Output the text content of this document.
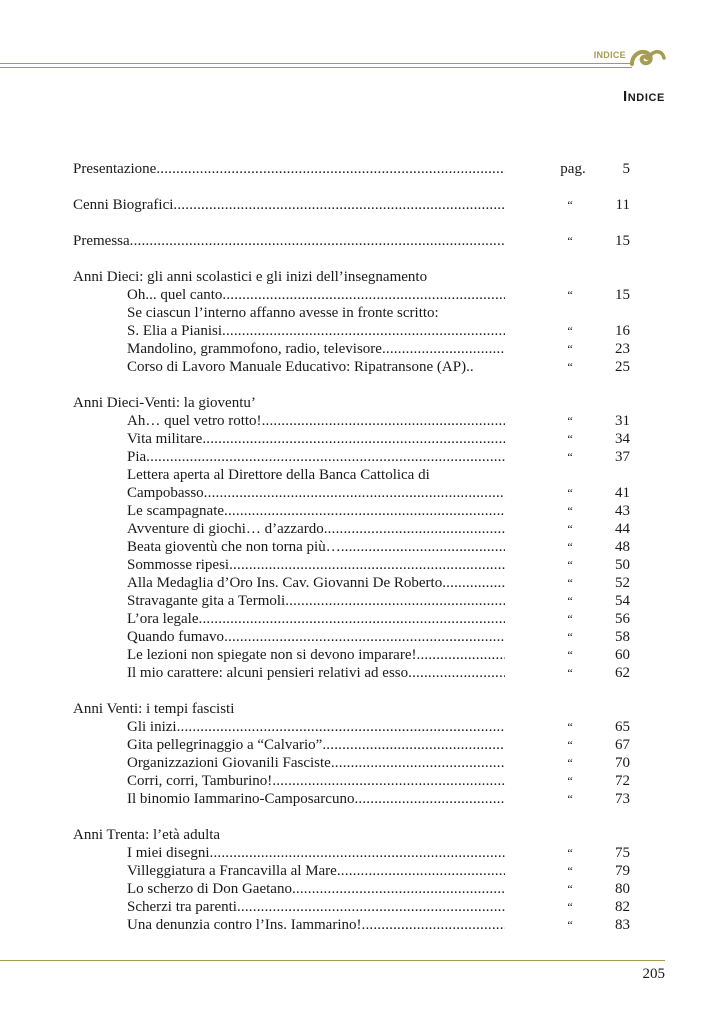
INDICE
Indice
Presentazione .....	pag.	5
Cenni Biografici .....	“	11
Premessa .....	“	15
Anni Dieci: gli anni scolastici e gli inizi dell’insegnamento
Oh... quel canto .....	“	15
Se ciascun l’interno affanno avesse in fronte scritto:
S. Elia a Pianisi .....	“	16
Mandolino, grammofono, radio, televisore .....	“	23
Corso di Lavoro Manuale Educativo: Ripatransone (AP)..	“	25
Anni Dieci-Venti: la gioventu’
Ah… quel vetro rotto! .....	“	31
Vita militare .....	“	34
Pia .....	“	37
Lettera aperta al Direttore della Banca Cattolica di
Campobasso .....	“	41
Le scampagnate .....	“	43
Avventure di giochi… d’azzardo .....	“	44
Beata gioventù che non torna più… .....	“	48
Sommosse ripesi .....	“	50
Alla Medaglia d’Oro Ins. Cav. Giovanni De Roberto .....	“	52
Stravagante gita a Termoli .....	“	54
L’ora legale .....	“	56
Quando fumavo .....	“	58
Le lezioni non spiegate non si devono imparare! .....	“	60
Il mio carattere: alcuni pensieri relativi ad esso .....	“	62
Anni Venti: i tempi fascisti
Gli inizi .....	“	65
Gita pellegrinaggio a “Calvario” .....	“	67
Organizzazioni Giovanili Fasciste .....	“	70
Corri, corri, Tamburino! .....	“	72
Il binomio Iammarino-Camposarcuno .....	“	73
Anni Trenta: l’età adulta
I miei disegni .....	“	75
Villeggiatura a Francavilla al Mare .....	“	79
Lo scherzo di Don Gaetano .....	“	80
Scherzi tra parenti .....	“	82
Una denunzia contro l’Ins. Iammarino! .....	“	83
205
